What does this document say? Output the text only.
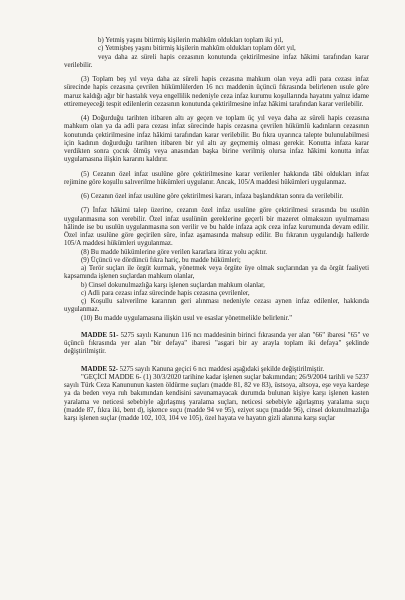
b) Yetmiş yaşını bitirmiş kişilerin mahkûm oldukları toplam iki yıl,

c) Yetmişbeş yaşını bitirmiş kişilerin mahkûm oldukları toplam dört yıl,

veya daha az süreli hapis cezasının konutunda çektirilmesine infaz hâkimi tarafından karar verilebilir.

(3) Toplam beş yıl veya daha az süreli hapis cezasına mahkum olan veya adli para cezası infaz sürecinde hapis cezasına çevrilen hükümlülerden 16 ncı maddenin üçüncü fıkrasında belirlenen usule göre maruz kaldığı ağır bir hastalık veya engellilik nedeniyle ceza infaz kurumu koşullarında hayatını yalnız idame ettiremeyeceği tespit edilenlerin cezasının konutunda çektirilmesine infaz hâkimi tarafından karar verilebilir.

(4) Doğurduğu tarihten itibaren altı ay geçen ve toplam üç yıl veya daha az süreli hapis cezasına mahkum olan ya da adli para cezası infaz sürecinde hapis cezasına çevrilen hükümlü kadınların cezasının konutunda çektirilmesine infaz hâkimi tarafından karar verilebilir. Bu fıkra uyarınca talepte bulunulabilmesi için kadının doğurduğu tarihten itibaren bir yıl altı ay geçmemiş olması gerekir. Konutta infaza karar verdikten sonra çocuk ölmüş veya anasından başka birine verilmiş olursa infaz hâkimi konutta infaz uygulamasına ilişkin kararını kaldırır.

(5) Cezanın özel infaz usulüne göre çektirilmesine karar verilenler hakkında tâbi oldukları infaz rejimine göre koşullu salıverilme hükümleri uygulanır. Ancak, 105/A maddesi hükümleri uygulanmaz.

(6) Cezanın özel infaz usulüne göre çektirilmesi kararı, infaza başlandıktan sonra da verilebilir.

(7) İnfaz hâkimi talep üzerine, cezanın özel infaz usulüne göre çektirilmesi sırasında bu usulün uygulanmasına son verebilir. Özel infaz usulünün gereklerine geçerli bir mazeret olmaksızın uyulmaması hâlinde ise bu usulün uygulanmasına son verilir ve bu halde infaza açık ceza infaz kurumunda devam edilir. Özel infaz usulüne göre geçirilen süre, infaz aşamasında mahsup edilir. Bu fıkranın uygulandığı hallerde 105/A maddesi hükümleri uygulanmaz.

(8) Bu madde hükümlerine göre verilen kararlara itiraz yolu açıktır.

(9) Üçüncü ve dördüncü fıkra hariç, bu madde hükümleri;

a) Terör suçları ile örgüt kurmak, yönetmek veya örgüte üye olmak suçlarından ya da örgüt faaliyeti kapsamında işlenen suçlardan mahkum olanlar,

b) Cinsel dokunulmazlığa karşı işlenen suçlardan mahkum olanlar,

c) Adli para cezası infaz sürecinde hapis cezasına çevrilenler,

ç) Koşullu salıverilme kararının geri alınması nedeniyle cezası aynen infaz edilenler, hakkında uygulanmaz.

(10) Bu madde uygulamasına ilişkin usul ve esaslar yönetmelikle belirlenir."

MADDE 51- 5275 sayılı Kanunun 116 ncı maddesinin birinci fıkrasında yer alan "66" ibaresi "65" ve üçüncü fıkrasında yer alan "bir defaya" ibaresi "asgari bir ay arayla toplam iki defaya" şeklinde değiştirilmiştir.

MADDE 52- 5275 sayılı Kanuna geçici 6 ncı maddesi aşağıdaki şekilde değiştirilmiştir.

"GEÇİCİ MADDE 6- (1) 30/3/2020 tarihine kadar işlenen suçlar bakımından; 26/9/2004 tarihli ve 5237 sayılı Türk Ceza Kanununun kasten öldürme suçları (madde 81, 82 ve 83), üstsoya, altsoya, eşe veya kardeşe ya da beden veya ruh bakımından kendisini savunamayacak durumda bulunan kişiye karşı işlenen kasten yaralama ve neticesi sebebiyle ağırlaşmış yaralama suçları, neticesi sebebiyle ağırlaşmış yaralama suçu (madde 87, fıkra iki, bent d), işkence suçu (madde 94 ve 95), eziyet suçu (madde 96), cinsel dokunulmazlığa karşı işlenen suçlar (madde 102, 103, 104 ve 105), özel hayata ve hayatın gizli alanına karşı suçlar
